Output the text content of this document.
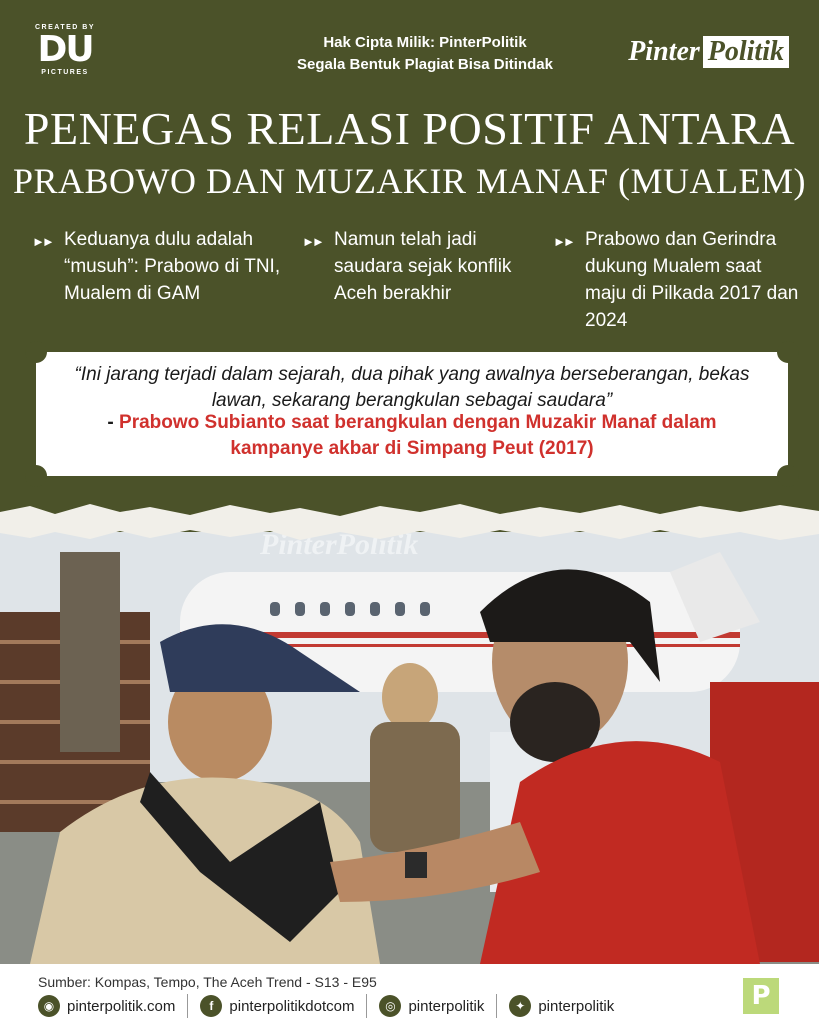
CREATED BY
DU
PICTURES
Hak Cipta Milik: PinterPolitik
Segala Bentuk Plagiat Bisa Ditindak	Pinter Politik
PENEGAS RELASI POSITIF ANTARA
PRABOWO DAN MUZAKIR MANAF (MUALEM)
►► Keduanya dulu adalah “musuh”: Prabowo di TNI, Mualem di GAM
►► Namun telah jadi saudara sejak konflik Aceh berakhir
►► Prabowo dan Gerindra dukung Mualem saat maju di Pilkada 2017 dan 2024
“Ini jarang terjadi dalam sejarah, dua pihak yang awalnya berseberangan, bekas lawan, sekarang berangkulan sebagai saudara”
- Prabowo Subianto saat berangkulan dengan Muzakir Manaf dalam kampanye akbar di Simpang Peut (2017)
PinterPolitik
Sumber: Kompas, Tempo, The Aceh Trend - S13 - E95
◉ pinterpolitik.com	f	pinterpolitikdotcom	◎ pinterpolitik	✦ pinterpolitik	P
